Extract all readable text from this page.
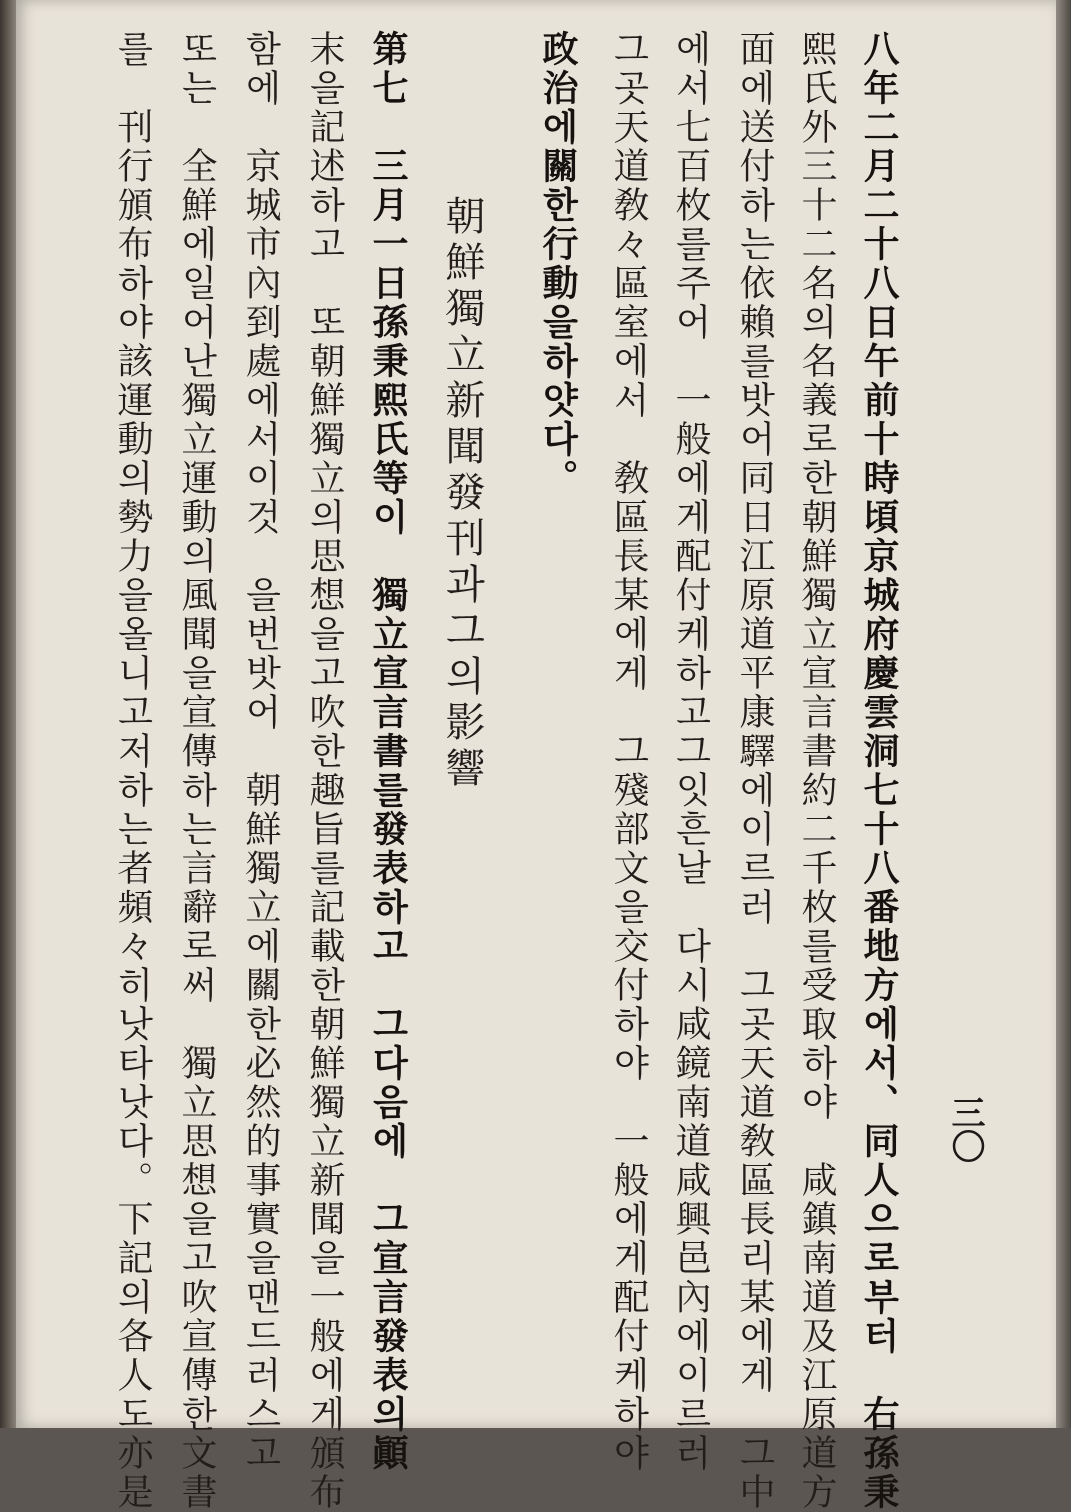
三〇
八年二月二十八日午前十時頃京城府慶雲洞七十八番地方에서、同人으로부터　右孫秉
熙氏外三十二名의名義로한朝鮮獨立宣言書約二千枚를受取하야　咸鎮南道及江原道方
面에送付하는依賴를밧어同日江原道平康驛에이르러　그곳天道敎區長리某에게　그中
에서七百枚를주어　一般에게配付케하고그잇흔날　다시咸鏡南道咸興邑內에이르러
그곳天道敎々區室에서　敎區長某에게　그殘部文을交付하야　一般에게配付케하야
政治에關한行動을하얏다。
朝鮮獨立新聞發刊과그의影響
第七　三月一日孫秉熙氏等이　獨立宣言書를發表하고　그다음에　그宣言發表의顚
末을記述하고　또朝鮮獨立의思想을고吹한趣旨를記載한朝鮮獨立新聞을一般에게頒布
함에　京城市內到處에서이것　을번밧어　朝鮮獨立에關한必然的事實을맨드러스고
또는　全鮮에일어난獨立運動의風聞을宣傳하는言辭로써　獨立思想을고吹宣傳한文書
를　刊行頒布하야該運動의勢力을올니고저하는者頻々히낫타낫다。下記의各人도亦是
